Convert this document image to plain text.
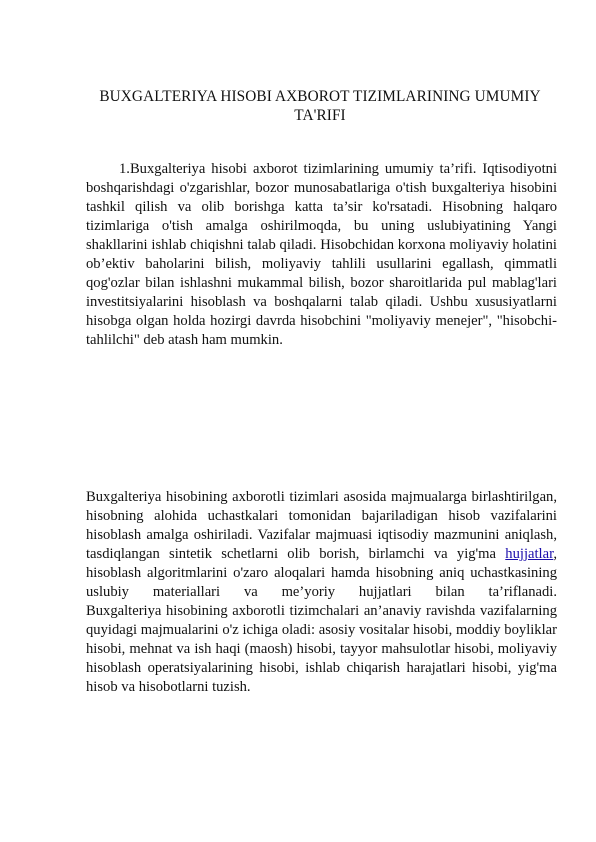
BUXGALTERIYA HISOBI AXBOROT TIZIMLARINING UMUMIY TA'RIFI

1.Buxgalteriya hisobi axborot tizimlarining umumiy ta’rifi. Iqtisodiyotni boshqarishdagi o'zgarishlar, bozor munosabatlariga o'tish buxgalteriya hisobini tashkil qilish va olib borishga katta ta’sir ko'rsatadi. Hisobning halqaro tizimlariga o'tish amalga oshirilmoqda, bu uning uslubiyatining Yangi shakllarini ishlab chiqishni talab qiladi. Hisobchidan korxona moliyaviy holatini ob’ektiv baholarini bilish, moliyaviy tahlili usullarini egallash, qimmatli qog'ozlar bilan ishlashni mukammal bilish, bozor sharoitlarida pul mablag'lari investitsiyalarini hisoblash va boshqalarni talab qiladi. Ushbu xususiyatlarni hisobga olgan holda hozirgi davrda hisobchini "moliyaviy menejer", "hisobchi-tahlilchi" deb atash ham mumkin.

Buxgalteriya hisobining axborotli tizimlari asosida majmualarga birlashtirilgan, hisobning alohida uchastkalari tomonidan bajariladigan hisob vazifalarini hisoblash amalga oshiriladi. Vazifalar majmuasi iqtisodiy mazmunini aniqlash, tasdiqlangan sintetik schetlarni olib borish, birlamchi va yig'ma hujjatlar, hisoblash algoritmlarini o'zaro aloqalari hamda hisobning aniq uchastkasining uslubiy materiallari va me’yoriy hujjatlari bilan ta’riflanadi.
Buxgalteriya hisobining axborotli tizimchalari an’anaviy ravishda vazifalarning quyidagi majmualarini o'z ichiga oladi: asosiy vositalar hisobi, moddiy boyliklar hisobi, mehnat va ish haqi (maosh) hisobi, tayyor mahsulotlar hisobi, moliyaviy hisoblash operatsiyalarining hisobi, ishlab chiqarish harajatlari hisobi, yig'ma hisob va hisobotlarni tuzish.
